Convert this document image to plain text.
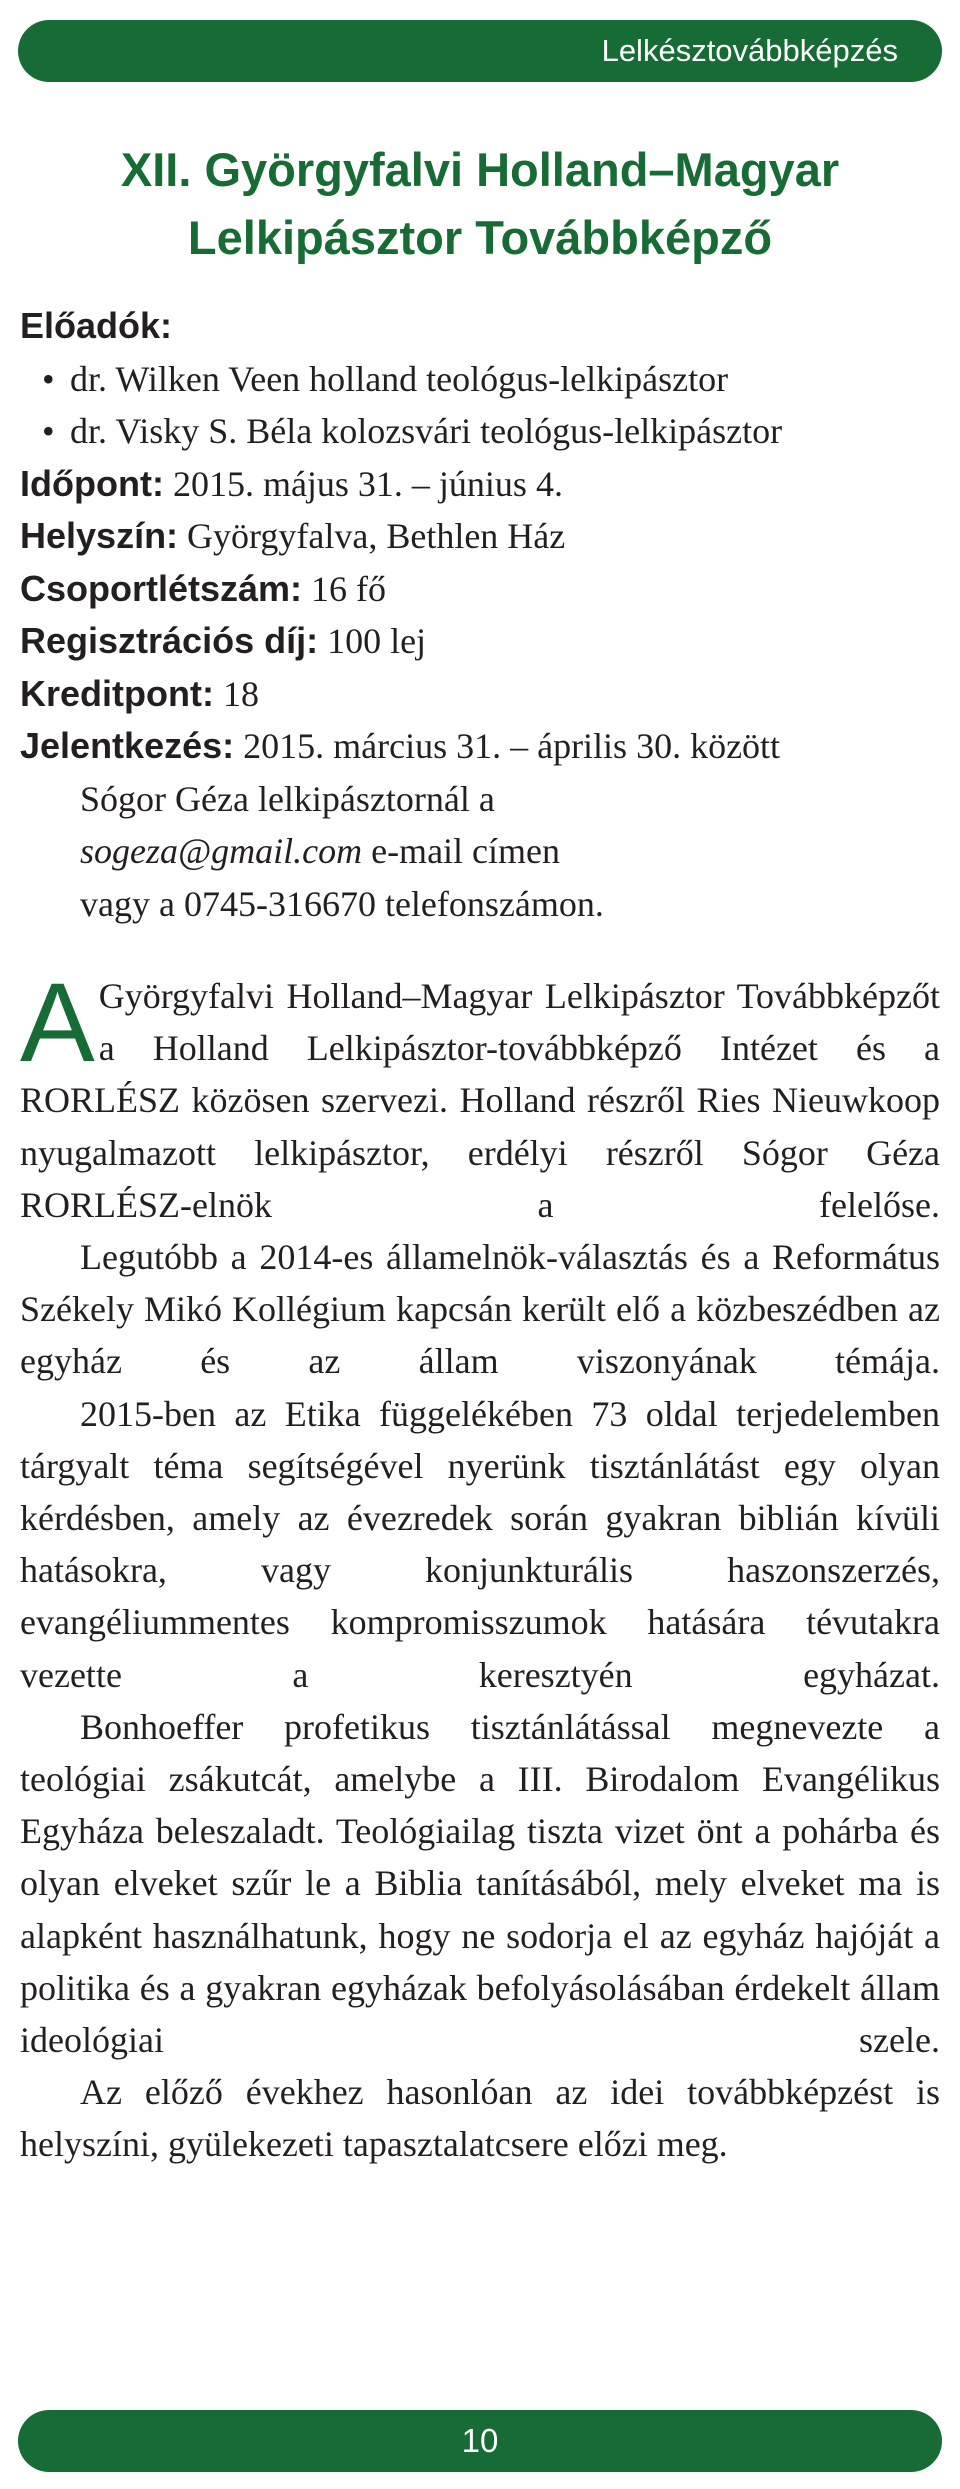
Lelkésztovábbképzés
XII. Györgyfalvi Holland–Magyar
Lelkipásztor Továbbképző
Előadók:
• dr. Wilken Veen holland teológus-lelkipásztor
• dr. Visky S. Béla kolozsvári teológus-lelkipásztor
Időpont: 2015. május 31. – június 4.
Helyszín: Györgyfalva, Bethlen Ház
Csoportlétszám: 16 fő
Regisztrációs díj: 100 lej
Kreditpont: 18
Jelentkezés: 2015. március 31. – április 30. között
Sógor Géza lelkipásztornál a
sogeza@gmail.com e-mail címen
vagy a 0745-316670 telefonszámon.

A Györgyfalvi Holland–Magyar Lelkipásztor Továbbképzőt a Holland Lelkipásztor-továbbképző Intézet és a RORLÉSZ közösen szervezi. Holland részről Ries Nieuwkoop nyugalmazott lelkipásztor, erdélyi részről Sógor Géza RORLÉSZ-elnök a felelőse.

Legutóbb a 2014-es államelnök-választás és a Református Székely Mikó Kollégium kapcsán került elő a közbeszédben az egyház és az állam viszonyának témája.

2015-ben az Etika függelékében 73 oldal terjedelemben tárgyalt téma segítségével nyerünk tisztánlátást egy olyan kérdésben, amely az évezredek során gyakran biblián kívüli hatásokra, vagy konjunkturális haszonszerzés, evangéliummentes kompromisszumok hatására tévutakra vezette a keresztyén egyházat.

Bonhoeffer profetikus tisztánlátással megnevezte a teológiai zsákutcát, amelybe a III. Birodalom Evangélikus Egyháza beleszaladt. Teológiailag tiszta vizet önt a pohárba és olyan elveket szűr le a Biblia tanításából, mely elveket ma is alapként használhatunk, hogy ne sodorja el az egyház hajóját a politika és a gyakran egyházak befolyásolásában érdekelt állam ideológiai szele.

Az előző évekhez hasonlóan az idei továbbképzést is helyszíni, gyülekezeti tapasztalatcsere előzi meg.

10
